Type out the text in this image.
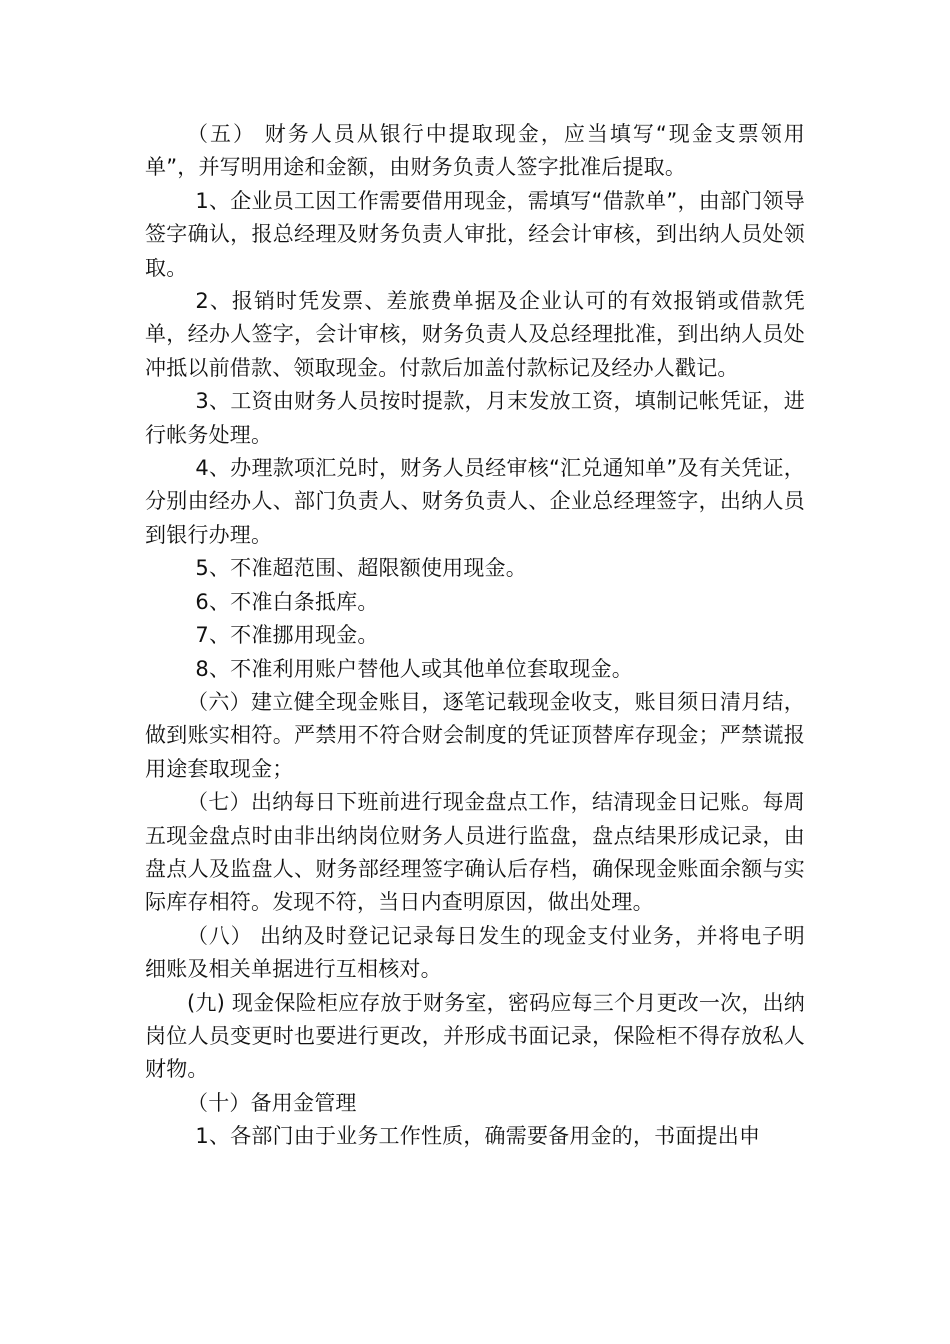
（五） 财务人员从银行中提取现金，应当填写“现金支票领用单”，并写明用途和金额，由财务负责人签字批准后提取。

1、企业员工因工作需要借用现金，需填写“借款单”，由部门领导签字确认，报总经理及财务负责人审批，经会计审核，到出纳人员处领取。

2、报销时凭发票、差旅费单据及企业认可的有效报销或借款凭单，经办人签字，会计审核，财务负责人及总经理批准，到出纳人员处冲抵以前借款、领取现金。付款后加盖付款标记及经办人戳记。

3、工资由财务人员按时提款，月末发放工资，填制记帐凭证，进行帐务处理。

4、办理款项汇兑时，财务人员经审核“汇兑通知单”及有关凭证，分别由经办人、部门负责人、财务负责人、企业总经理签字，出纳人员到银行办理。

5、不准超范围、超限额使用现金。

6、不准白条抵库。

7、不准挪用现金。

8、不准利用账户替他人或其他单位套取现金。

（六）建立健全现金账目，逐笔记载现金收支，账目须日清月结，做到账实相符。严禁用不符合财会制度的凭证顶替库存现金；严禁谎报用途套取现金；

（七）出纳每日下班前进行现金盘点工作，结清现金日记账。每周五现金盘点时由非出纳岗位财务人员进行监盘，盘点结果形成记录，由盘点人及监盘人、财务部经理签字确认后存档，确保现金账面余额与实际库存相符。发现不符，当日内查明原因，做出处理。

（八） 出纳及时登记记录每日发生的现金支付业务，并将电子明细账及相关单据进行互相核对。

(九) 现金保险柜应存放于财务室，密码应每三个月更改一次，出纳岗位人员变更时也要进行更改，并形成书面记录，保险柜不得存放私人财物。

（十）备用金管理

1、各部门由于业务工作性质，确需要备用金的，书面提出申
